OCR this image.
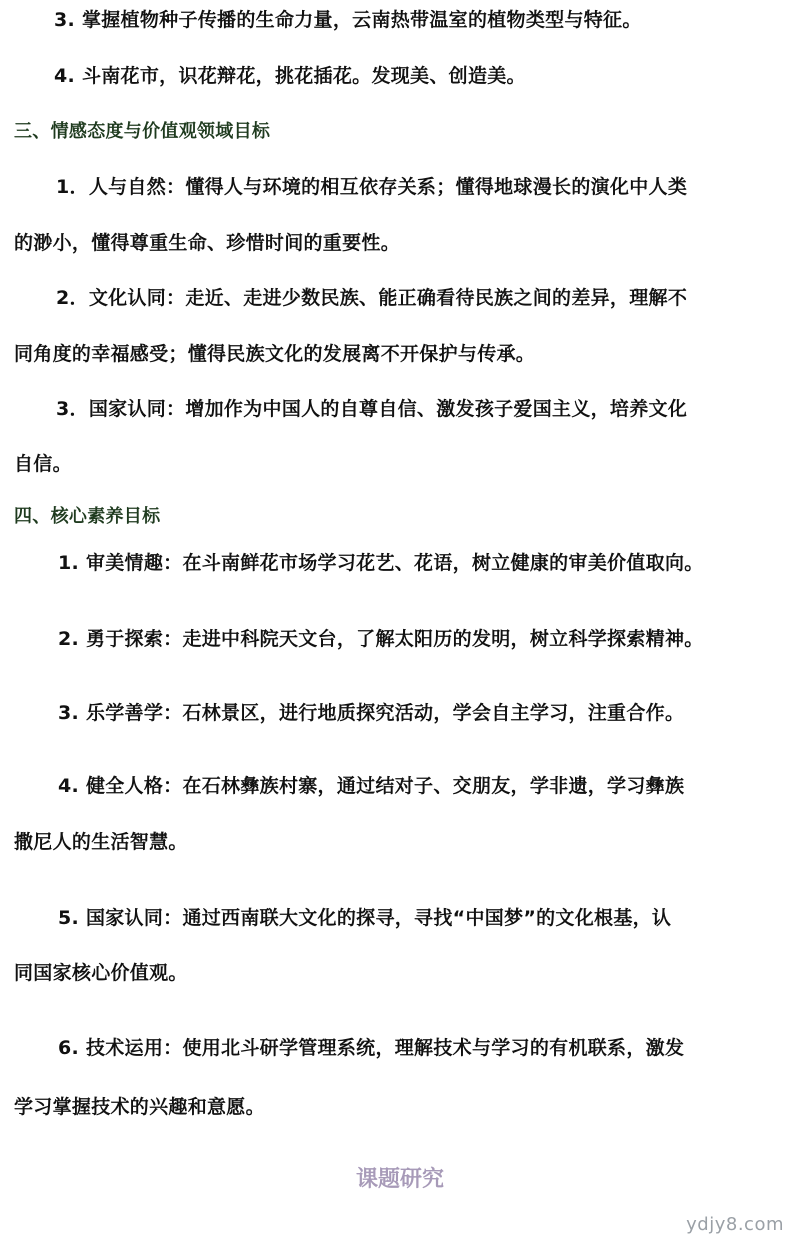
3. 掌握植物种子传播的生命力量，云南热带温室的植物类型与特征。
4. 斗南花市，识花辩花，挑花插花。发现美、创造美。
三、情感态度与价值观领域目标
1．人与自然：懂得人与环境的相互依存关系；懂得地球漫长的演化中人类
的渺小，懂得尊重生命、珍惜时间的重要性。
2．文化认同：走近、走进少数民族、能正确看待民族之间的差异，理解不
同角度的幸福感受；懂得民族文化的发展离不开保护与传承。
3．国家认同：增加作为中国人的自尊自信、激发孩子爱国主义，培养文化
自信。
四、核心素养目标
1. 审美情趣：在斗南鲜花市场学习花艺、花语，树立健康的审美价值取向。
2. 勇于探索：走进中科院天文台，了解太阳历的发明，树立科学探索精神。
3. 乐学善学：石林景区，进行地质探究活动，学会自主学习，注重合作。
4. 健全人格：在石林彝族村寨，通过结对子、交朋友，学非遗，学习彝族
撒尼人的生活智慧。
5. 国家认同：通过西南联大文化的探寻，寻找“中国梦”的文化根基，认
同国家核心价值观。
6. 技术运用：使用北斗研学管理系统，理解技术与学习的有机联系，激发
学习掌握技术的兴趣和意愿。
课题研究
ydjy8.com
